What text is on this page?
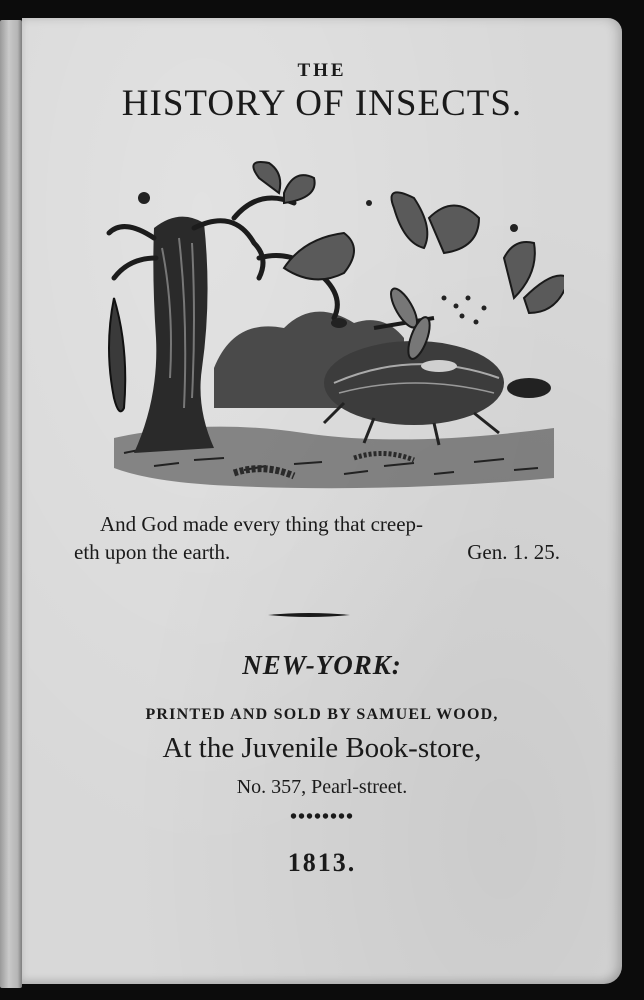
THE
HISTORY OF INSECTS.
And God made every thing that creep-
eth upon the earth.	Gen. 1. 25.
NEW-YORK:
PRINTED AND SOLD BY SAMUEL WOOD,
At the Juvenile Book-store,
No. 357, Pearl-street.
••••••••
1813.
